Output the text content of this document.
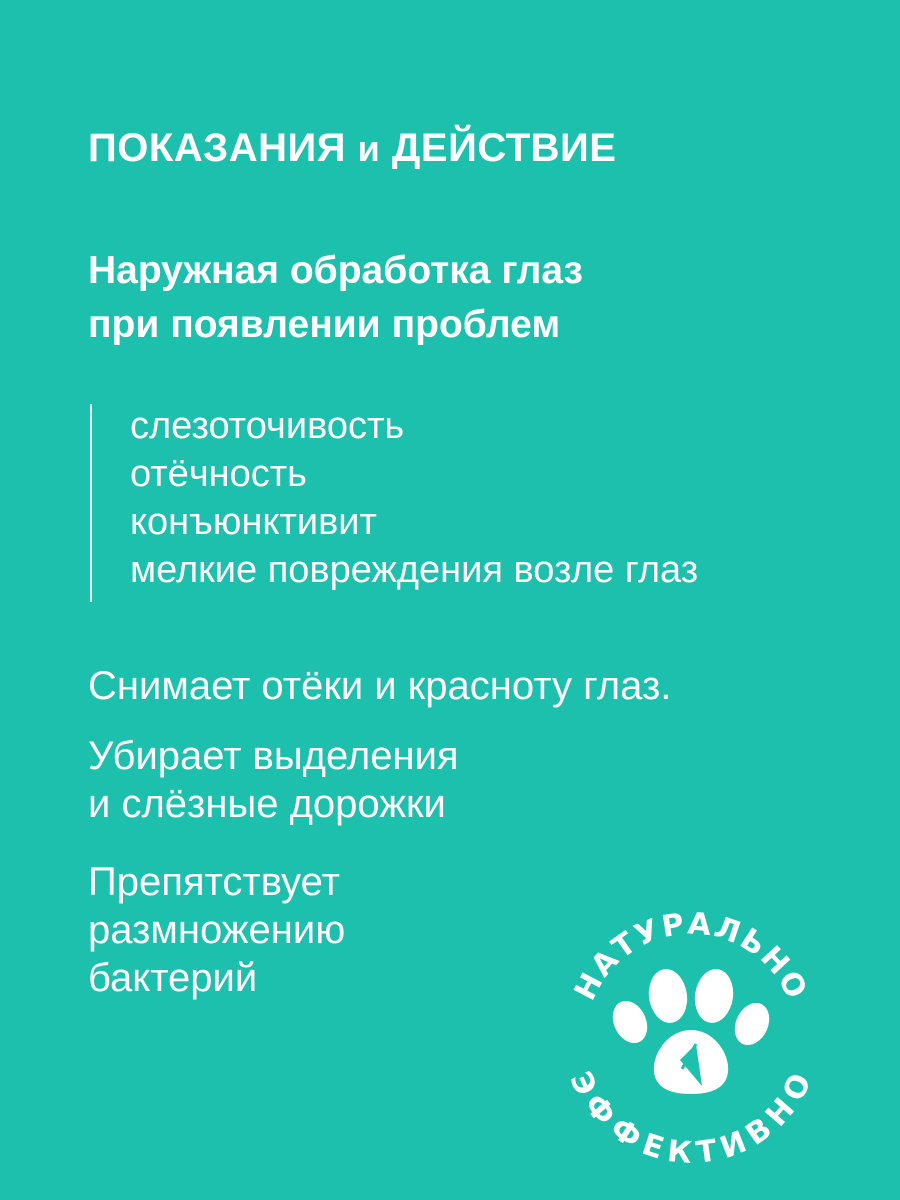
ПОКАЗАНИЯ и ДЕЙСТВИЕ
Наружная обработка глаз
при появлении проблем
слезоточивость
отёчность
конъюнктивит
мелкие повреждения возле глаз
Снимает отёки и красноту глаз.
Убирает выделения
и слёзные дорожки
Препятствует
размножению
бактерий	НАТУРАЛЬНО
ЭФФЕКТИВНО
